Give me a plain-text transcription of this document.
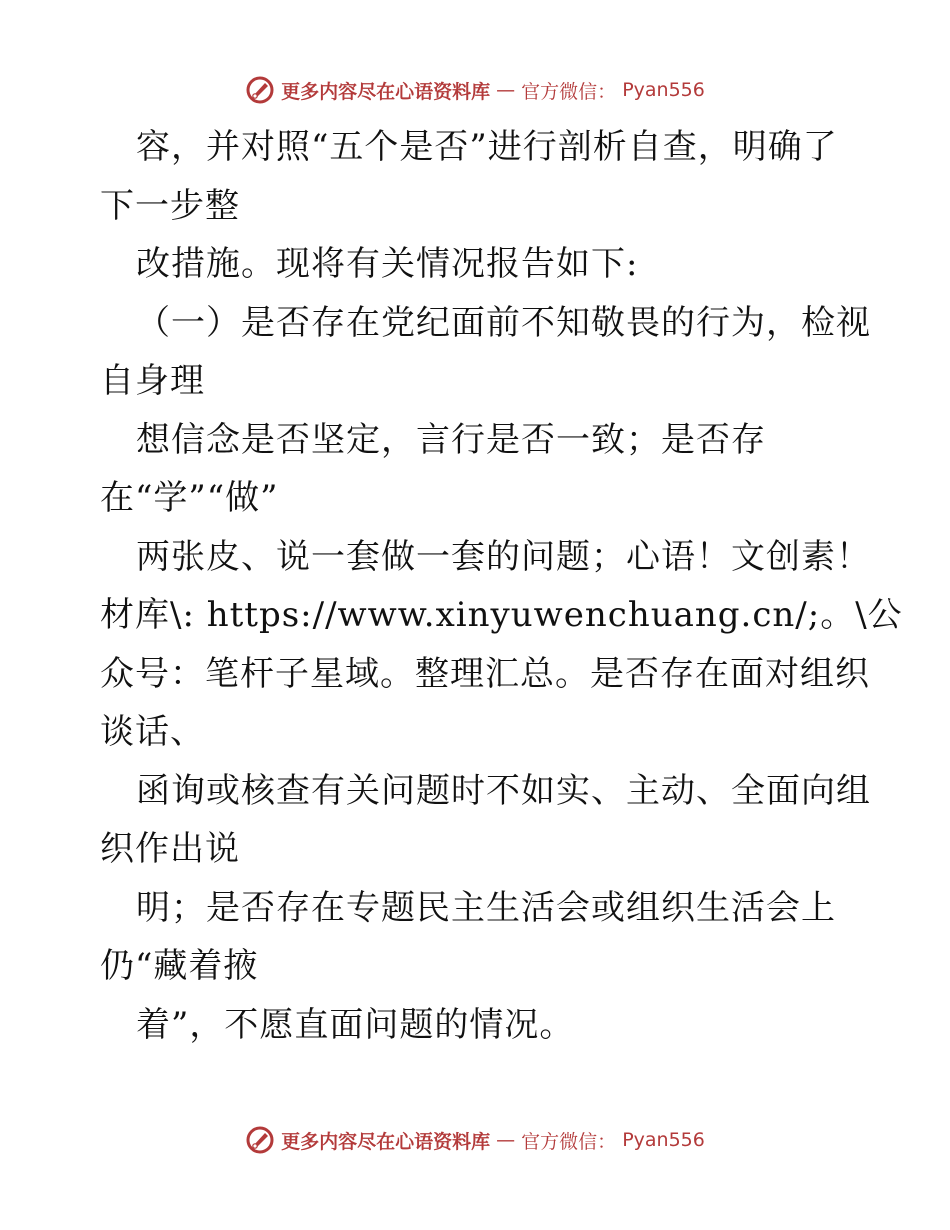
更多内容尽在心语资料库 — 官方微信： Pyan556
容，并对照“五个是否”进行剖析自查，明确了
下一步整
改措施。现将有关情况报告如下:
（一）是否存在党纪面前不知敬畏的行为，检视
自身理
想信念是否坚定，言行是否一致；是否存
在“学”“做”
两张皮、说一套做一套的问题；心语！文创素！
材库\: https://www.xinyuwenchuang.cn/;。\公
众号：笔杆子星域。整理汇总。是否存在面对组织
谈话、
函询或核查有关问题时不如实、主动、全面向组
织作出说
明；是否存在专题民主生活会或组织生活会上
仍“藏着掖
着”，不愿直面问题的情况。
更多内容尽在心语资料库 — 官方微信： Pyan556
